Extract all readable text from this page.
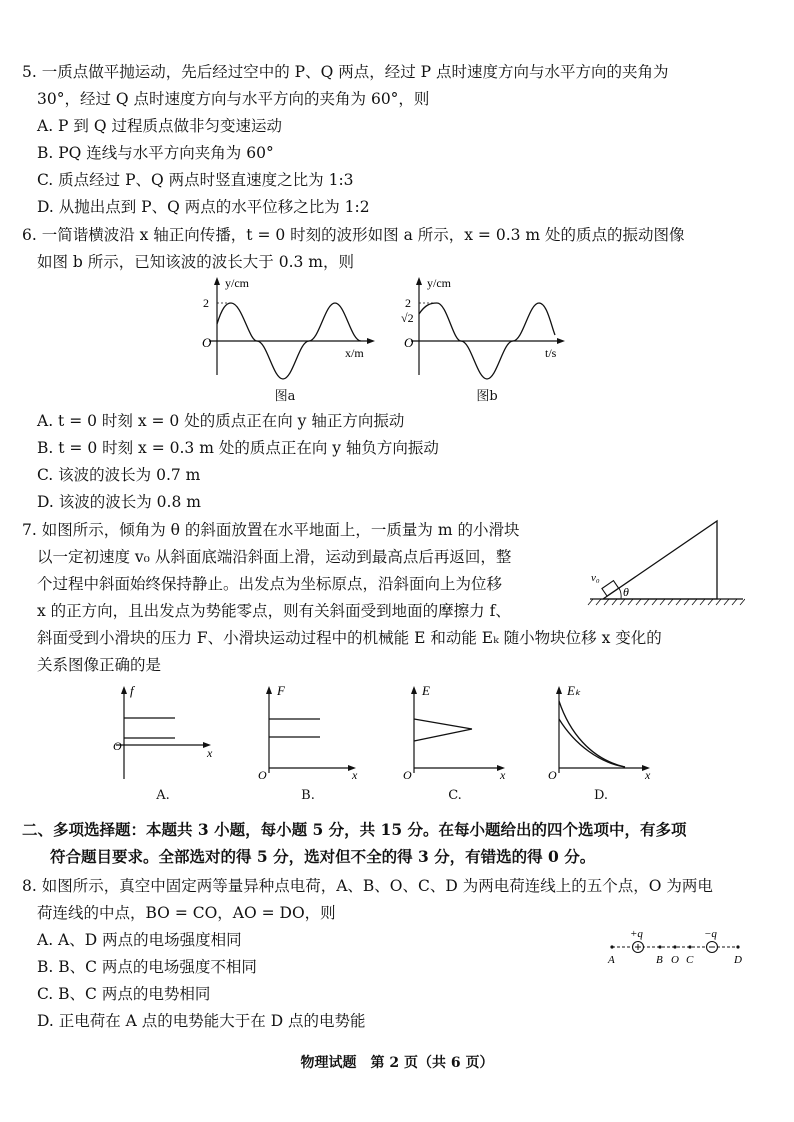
5. 一质点做平抛运动，先后经过空中的 P、Q 两点，经过 P 点时速度方向与水平方向的夹角为
30°，经过 Q 点时速度方向与水平方向的夹角为 60°，则
A. P 到 Q 过程质点做非匀变速运动
B. PQ 连线与水平方向夹角为 60°
C. 质点经过 P、Q 两点时竖直速度之比为 1:3
D. 从抛出点到 P、Q 两点的水平位移之比为 1:2
6. 一简谐横波沿 x 轴正向传播，t = 0 时刻的波形如图 a 所示，x = 0.3 m 处的质点的振动图像
如图 b 所示，已知该波的波长大于 0.3 m，则
y/cm
2
O
x/m
图a
y/cm
2
√2
O
t/s
图b
A. t = 0 时刻 x = 0 处的质点正在向 y 轴正方向振动
B. t = 0 时刻 x = 0.3 m 处的质点正在向 y 轴负方向振动
C. 该波的波长为 0.7 m
D. 该波的波长为 0.8 m
7. 如图所示，倾角为 θ 的斜面放置在水平地面上，一质量为 m 的小滑块
以一定初速度 v₀ 从斜面底端沿斜面上滑，运动到最高点后再返回，整
个过程中斜面始终保持静止。出发点为坐标原点，沿斜面向上为位移
x 的正方向，且出发点为势能零点，则有关斜面受到地面的摩擦力 f、
斜面受到小滑块的压力 F、小滑块运动过程中的机械能 E 和动能 Eₖ 随小物块位移 x 变化的
关系图像正确的是
θ
v₀
f
O	x
A.
F
O	x
B.
E
O	x
C.
Eₖ
O	x
D.
二、多项选择题：本题共 3 小题，每小题 5 分，共 15 分。在每小题给出的四个选项中，有多项
符合题目要求。全部选对的得 5 分，选对但不全的得 3 分，有错选的得 0 分。
8. 如图所示，真空中固定两等量异种点电荷，A、B、O、C、D 为两电荷连线上的五个点，O 为两电
荷连线的中点，BO = CO，AO = DO，则
A. A、D 两点的电场强度相同
B. B、C 两点的电场强度不相同
C. B、C 两点的电势相同
D. 正电荷在 A 点的电势能大于在 D 点的电势能
+q	−q
A	B O C	D
物理试题　第 2 页（共 6 页）
